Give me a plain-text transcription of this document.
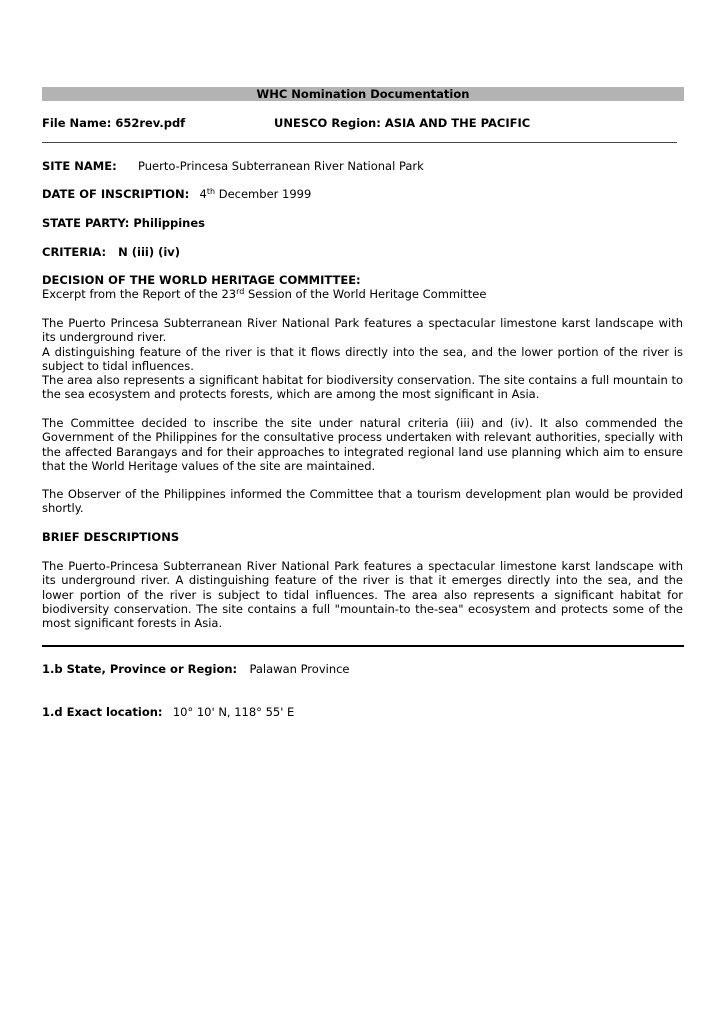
WHC Nomination Documentation
File Name: 652rev.pdf	UNESCO Region: ASIA AND THE PACIFIC
SITE NAME: Puerto-Princesa Subterranean River National Park
DATE OF INSCRIPTION: 4th December 1999
STATE PARTY: Philippines
CRITERIA:   N (iii) (iv)
DECISION OF THE WORLD HERITAGE COMMITTEE:
Excerpt from the Report of the 23rd Session of the World Heritage Committee

The Puerto Princesa Subterranean River National Park features a spectacular limestone karst landscape with its underground river.

A distinguishing feature of the river is that it flows directly into the sea, and the lower portion of the river is subject to tidal influences.

The area also represents a significant habitat for biodiversity conservation. The site contains a full mountain to the sea ecosystem and protects forests, which are among the most significant in Asia.

The Committee decided to inscribe the site under natural criteria (iii) and (iv). It also commended the Government of the Philippines for the consultative process undertaken with relevant authorities, specially with the affected Barangays and for their approaches to integrated regional land use planning which aim to ensure that the World Heritage values of the site are maintained.
The Observer of the Philippines informed the Committee that a tourism development plan would be provided shortly.
BRIEF DESCRIPTIONS
The Puerto-Princesa Subterranean River National Park features a spectacular limestone karst landscape with its underground river. A distinguishing feature of the river is that it emerges directly into the sea, and the lower portion of the river is subject to tidal influences. The area also represents a significant habitat for biodiversity conservation. The site contains a full "mountain-to the-sea" ecosystem and protects some of the most significant forests in Asia.
1.b State, Province or Region: Palawan Province
1.d Exact location: 10° 10' N, 118° 55' E
